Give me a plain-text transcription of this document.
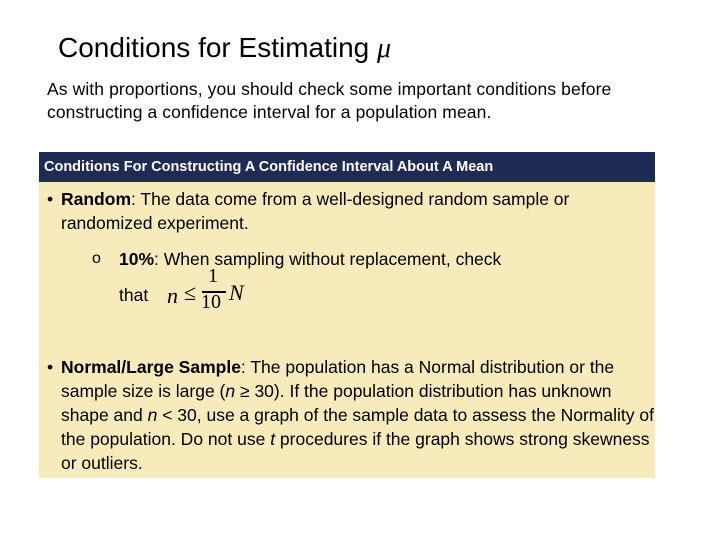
Conditions for Estimating μ
As with proportions, you should check some important conditions before constructing a confidence interval for a population mean.
Conditions For Constructing A Confidence Interval About A Mean
• Random: The data come from a well-designed random sample or randomized experiment.
o 10%: When sampling without replacement, check
that n ≤
1
10 N
• Normal/Large Sample: The population has a Normal distribution or the sample size is large (n ≥ 30). If the population distribution has unknown shape and n < 30, use a graph of the sample data to assess the Normality of the population. Do not use t procedures if the graph shows strong skewness or outliers.
